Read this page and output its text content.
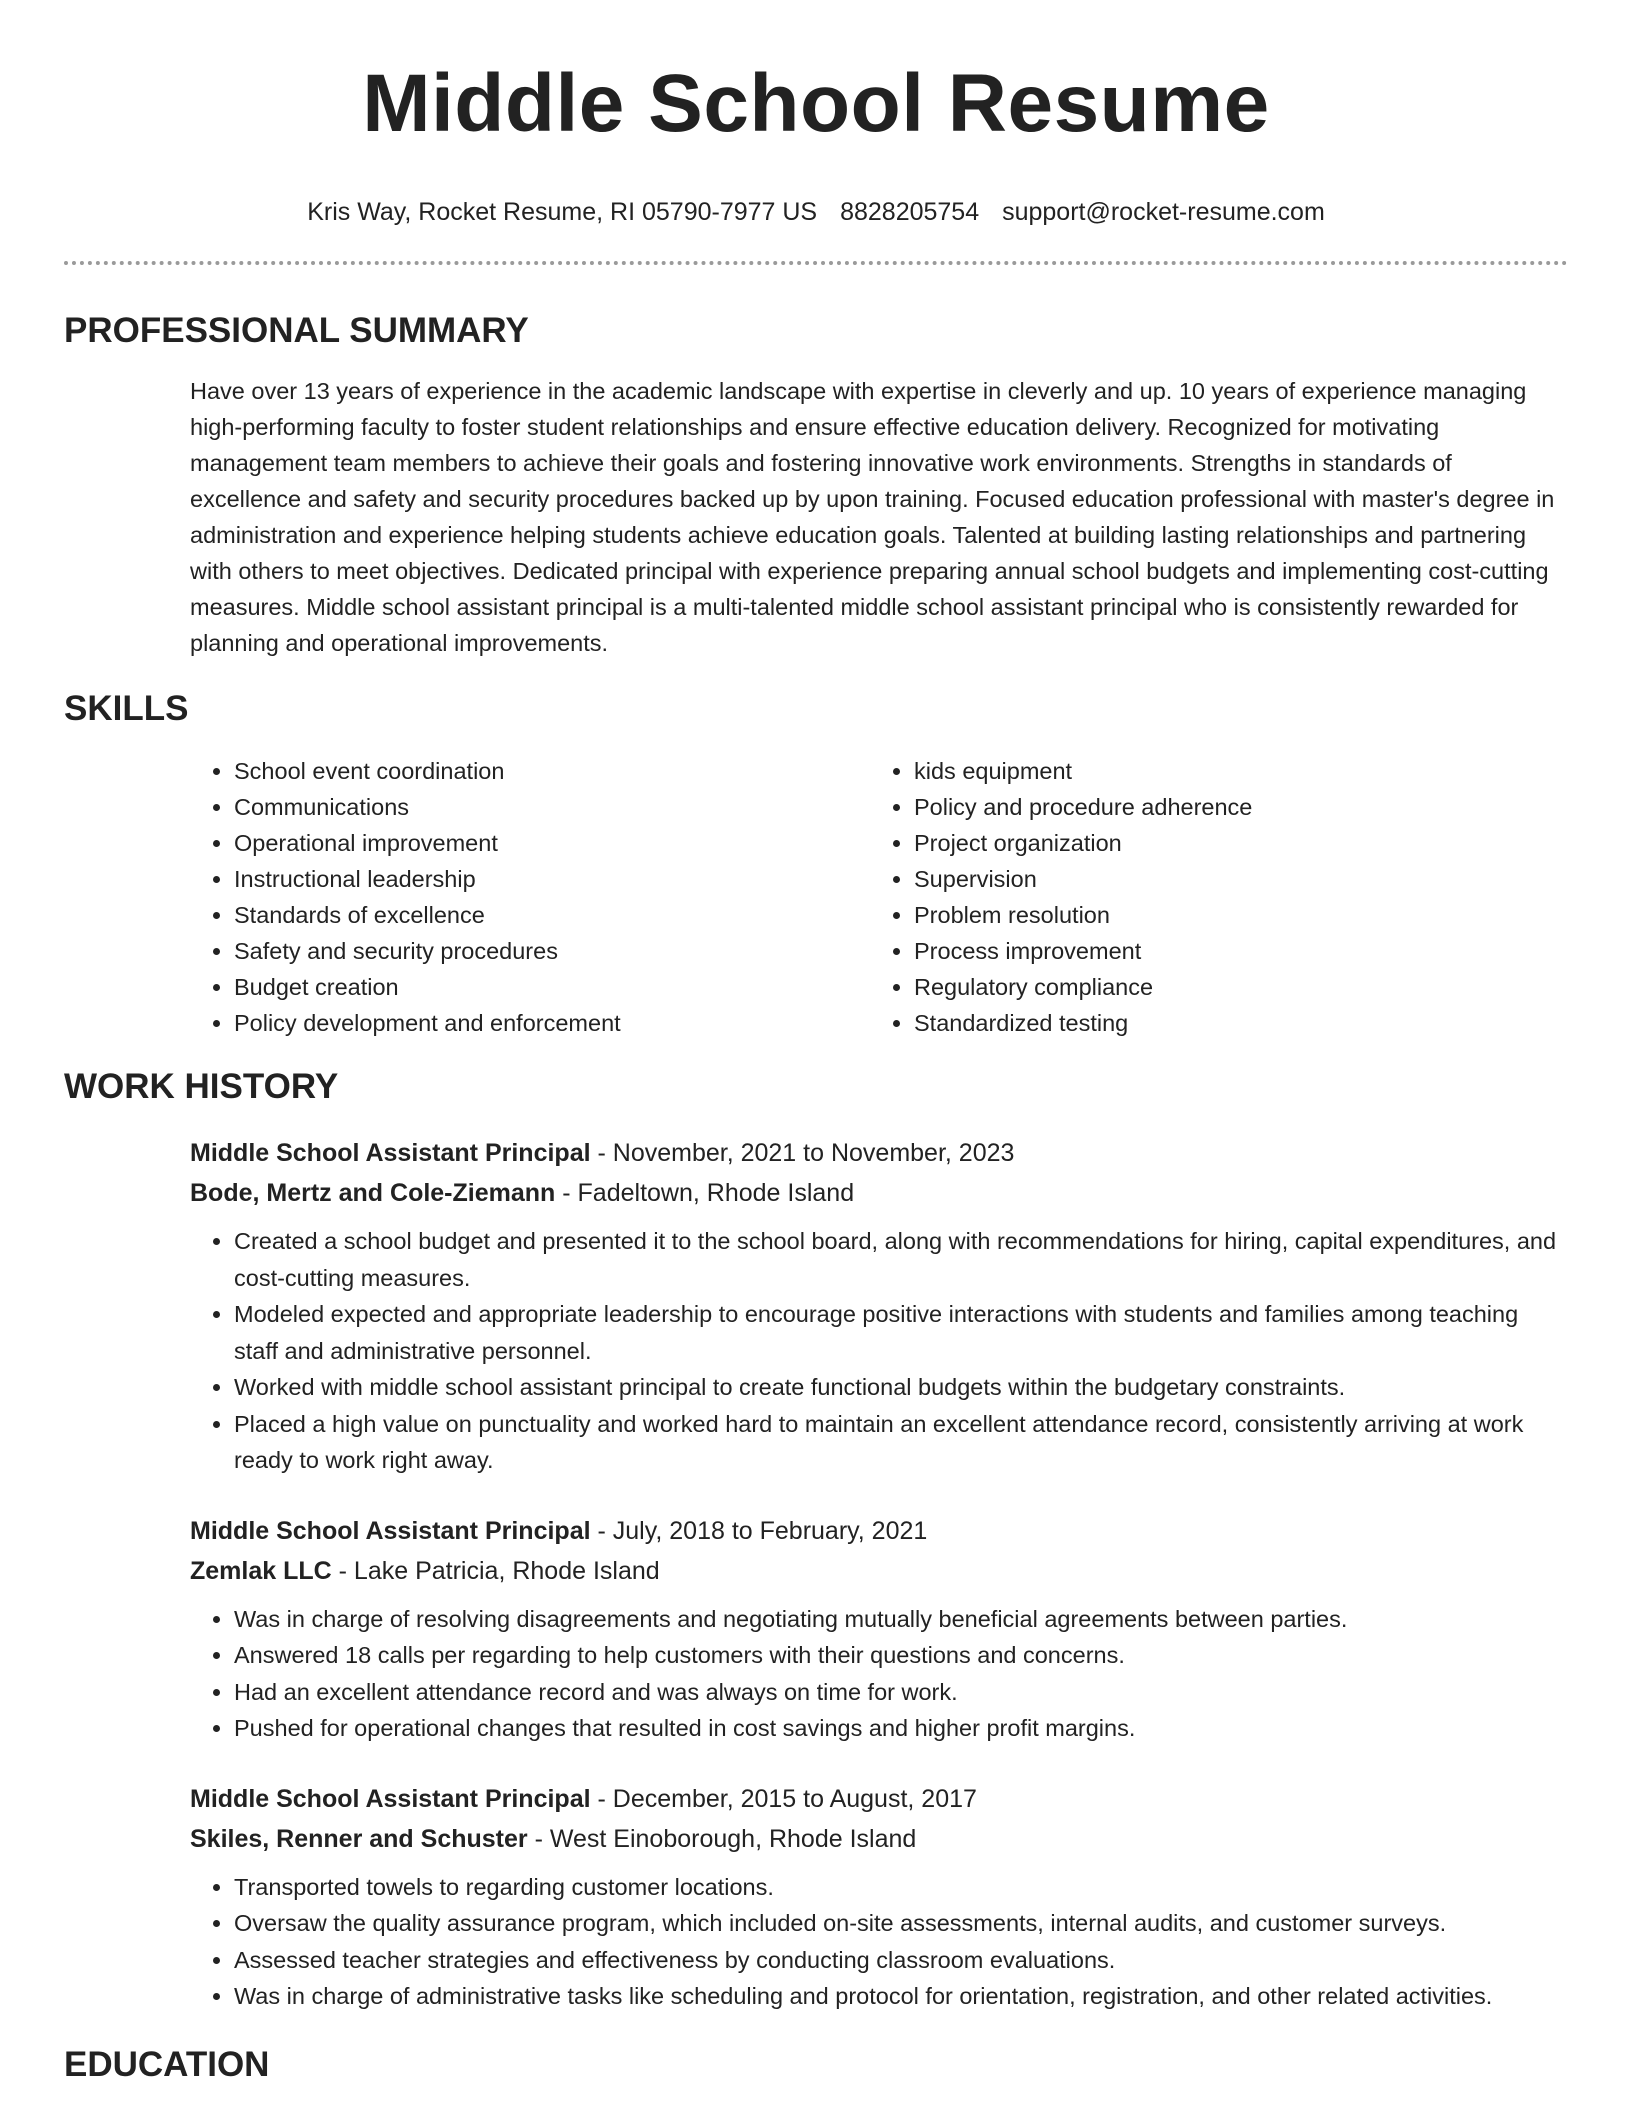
Middle School Resume
Kris Way, Rocket Resume, RI 05790-7977 US 8828205754 support@rocket-resume.com
PROFESSIONAL SUMMARY

Have over 13 years of experience in the academic landscape with expertise in cleverly and up. 10 years of experience managing high-performing faculty to foster student relationships and ensure effective education delivery. Recognized for motivating management team members to achieve their goals and fostering innovative work environments. Strengths in standards of excellence and safety and security procedures backed up by upon training. Focused education professional with master's degree in administration and experience helping students achieve education goals. Talented at building lasting relationships and partnering with others to meet objectives. Dedicated principal with experience preparing annual school budgets and implementing cost-cutting measures. Middle school assistant principal is a multi-talented middle school assistant principal who is consistently rewarded for planning and operational improvements.

SKILLS
• School event coordination
• Communications
• Operational improvement
• Instructional leadership
• Standards of excellence
• Safety and security procedures
• Budget creation
• Policy development and enforcement
• kids equipment
• Policy and procedure adherence
• Project organization
• Supervision
• Problem resolution
• Process improvement
• Regulatory compliance
• Standardized testing
WORK HISTORY
Middle School Assistant Principal - November, 2021 to November, 2023
Bode, Mertz and Cole-Ziemann - Fadeltown, Rhode Island
• Created a school budget and presented it to the school board, along with recommendations for hiring, capital expenditures, and cost-cutting measures.
• Modeled expected and appropriate leadership to encourage positive interactions with students and families among teaching staff and administrative personnel.
• Worked with middle school assistant principal to create functional budgets within the budgetary constraints.
• Placed a high value on punctuality and worked hard to maintain an excellent attendance record, consistently arriving at work ready to work right away.
Middle School Assistant Principal - July, 2018 to February, 2021
Zemlak LLC - Lake Patricia, Rhode Island
• Was in charge of resolving disagreements and negotiating mutually beneficial agreements between parties.
• Answered 18 calls per regarding to help customers with their questions and concerns.
• Had an excellent attendance record and was always on time for work.
• Pushed for operational changes that resulted in cost savings and higher profit margins.
Middle School Assistant Principal - December, 2015 to August, 2017
Skiles, Renner and Schuster - West Einoborough, Rhode Island
• Transported towels to regarding customer locations.
• Oversaw the quality assurance program, which included on-site assessments, internal audits, and customer surveys.
• Assessed teacher strategies and effectiveness by conducting classroom evaluations.
• Was in charge of administrative tasks like scheduling and protocol for orientation, registration, and other related activities.
EDUCATION
